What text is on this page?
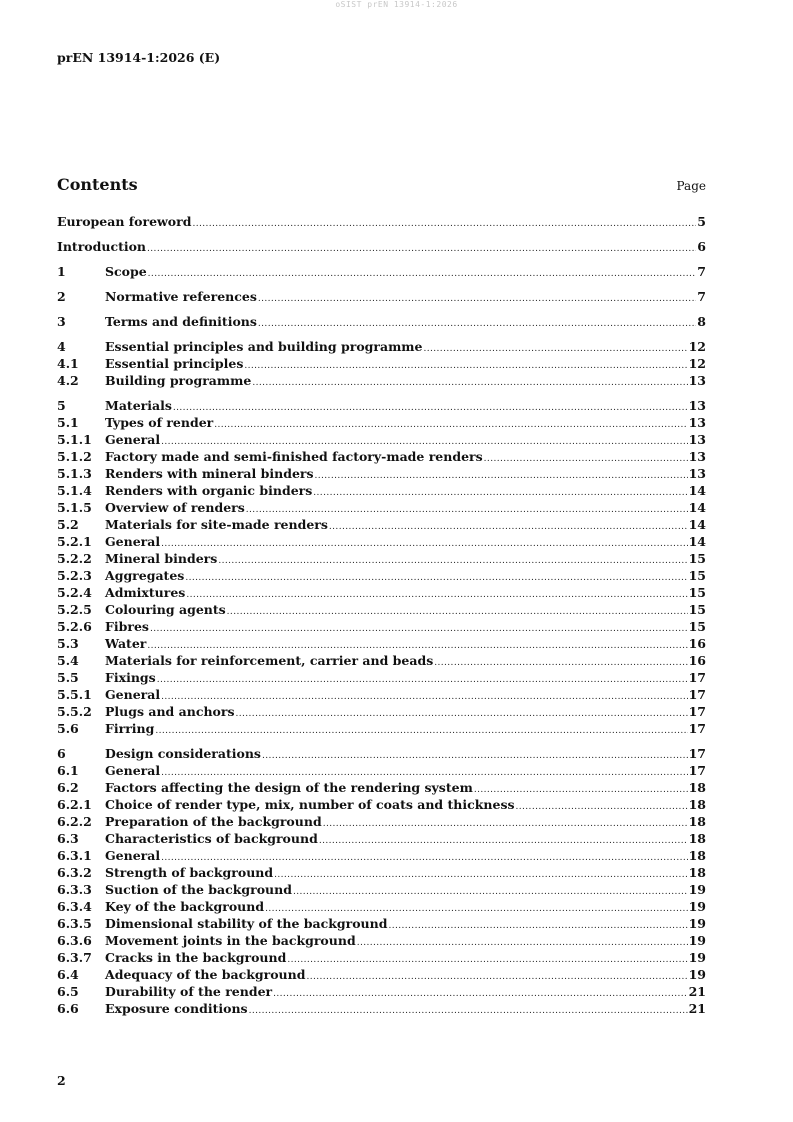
oSIST prEN 13914-1:2026
prEN 13914-1:2026 (E)
Contents	Page
European foreword .....	5
Introduction .....	6
1	Scope .....	7
2	Normative references .....	7
3	Terms and definitions .....	8
4	Essential principles and building programme .....	12
4.1	Essential principles .....	12
4.2	Building programme .....	13
5	Materials .....	13
5.1	Types of render .....	13
5.1.1	General .....	13
5.1.2	Factory made and semi-finished factory-made renders .....	13
5.1.3	Renders with mineral binders .....	13
5.1.4	Renders with organic binders .....	14
5.1.5	Overview of renders .....	14
5.2	Materials for site-made renders .....	14
5.2.1	General .....	14
5.2.2	Mineral binders .....	15
5.2.3	Aggregates .....	15
5.2.4	Admixtures .....	15
5.2.5	Colouring agents .....	15
5.2.6	Fibres .....	15
5.3	Water .....	16
5.4	Materials for reinforcement, carrier and beads .....	16
5.5	Fixings .....	17
5.5.1	General .....	17
5.5.2	Plugs and anchors .....	17
5.6	Firring .....	17
6	Design considerations .....	17
6.1	General .....	17
6.2	Factors affecting the design of the rendering system .....	18
6.2.1	Choice of render type, mix, number of coats and thickness .....	18
6.2.2	Preparation of the background .....	18
6.3	Characteristics of background .....	18
6.3.1	General .....	18
6.3.2	Strength of background .....	18
6.3.3	Suction of the background .....	19
6.3.4	Key of the background .....	19
6.3.5	Dimensional stability of the background .....	19
6.3.6	Movement joints in the background .....	19
6.3.7	Cracks in the background .....	19
6.4	Adequacy of the background .....	19
6.5	Durability of the render .....	21
6.6	Exposure conditions .....	21
2
